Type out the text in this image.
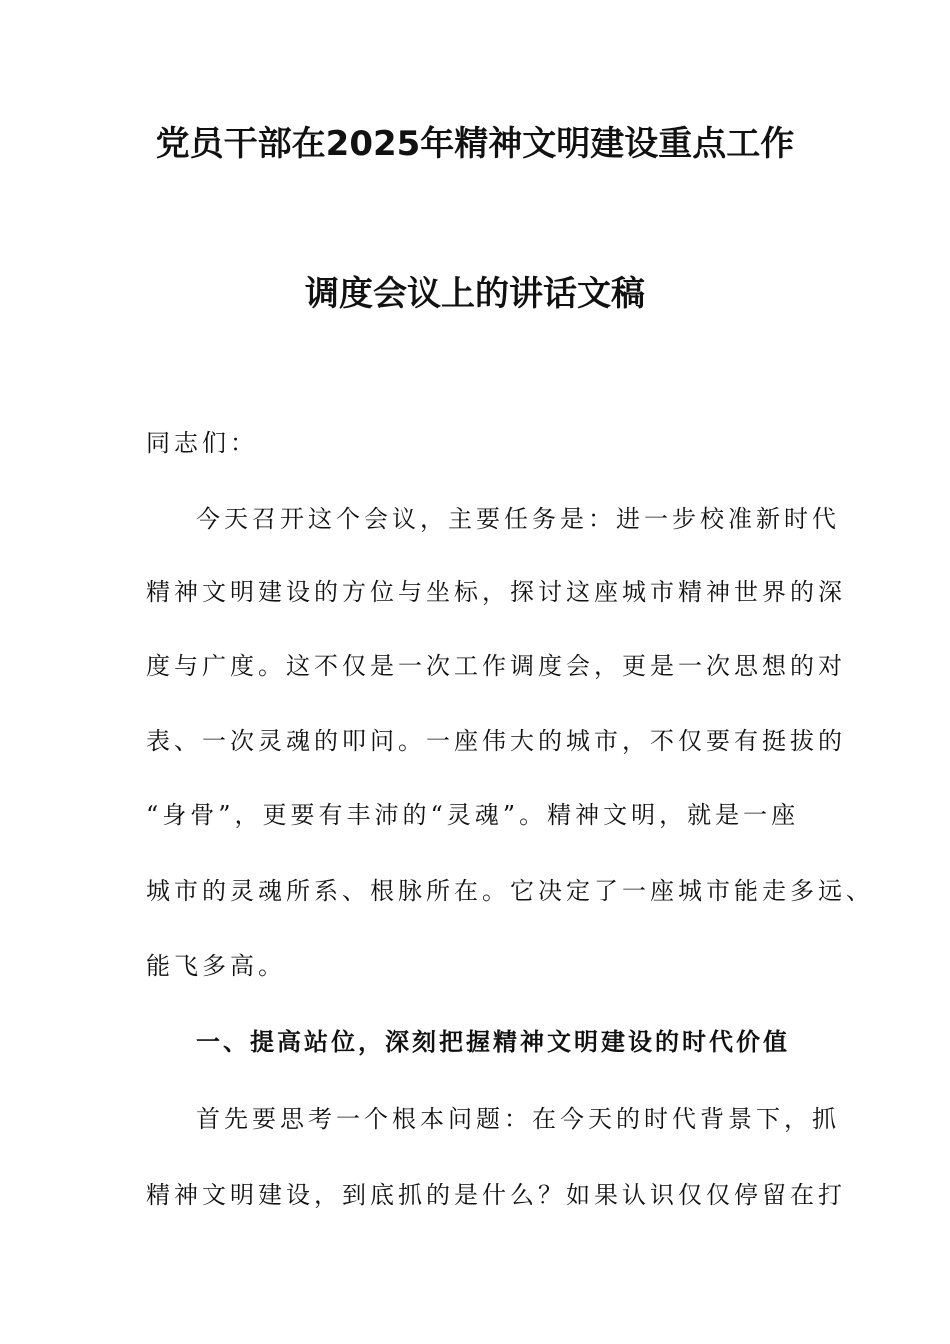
党员干部在2025年精神文明建设重点工作
调度会议上的讲话文稿
同志们：
今天召开这个会议，主要任务是：进一步校准新时代
精神文明建设的方位与坐标，探讨这座城市精神世界的深
度与广度。这不仅是一次工作调度会，更是一次思想的对
表、一次灵魂的叩问。一座伟大的城市，不仅要有挺拔的
“身骨”，更要有丰沛的“灵魂”。精神文明，就是一座
城市的灵魂所系、根脉所在。它决定了一座城市能走多远、
能飞多高。
一、提高站位，深刻把握精神文明建设的时代价值
首先要思考一个根本问题：在今天的时代背景下，抓
精神文明建设，到底抓的是什么？如果认识仅仅停留在打
